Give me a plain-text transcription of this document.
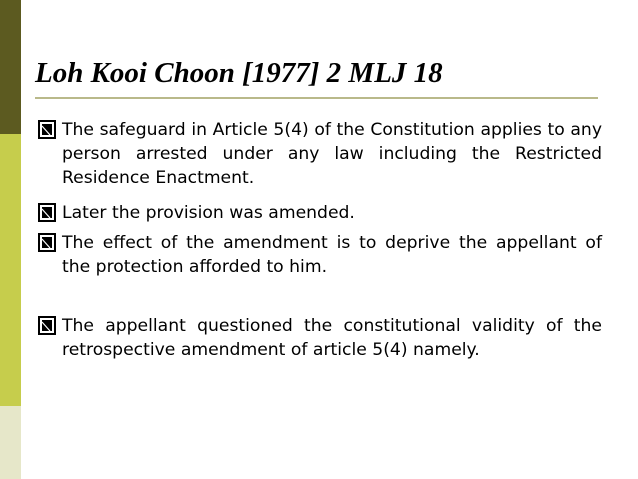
Loh Kooi Choon [1977] 2 MLJ 18

The safeguard in Article 5(4) of the Constitution applies to any person arrested under any law including the Restricted Residence Enactment.

Later the provision was amended.

The effect of the amendment is to deprive the appellant of the protection afforded to him.

The appellant questioned the constitutional validity of the retrospective amendment of article 5(4) namely.
